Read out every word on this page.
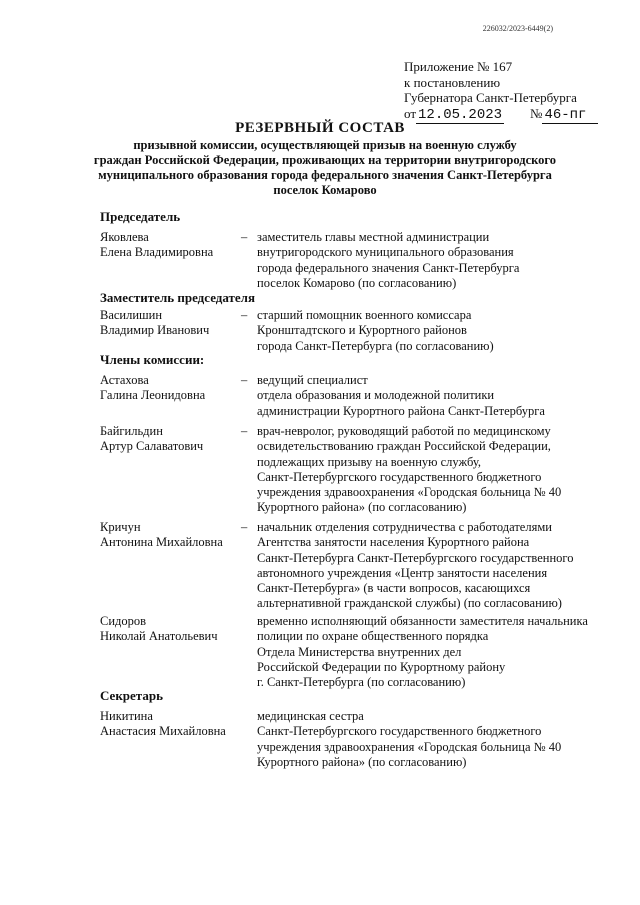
226032/2023-6449(2)
Приложение № 167
к постановлению
Губернатора Санкт-Петербурга
от 12.05.2023 № 46-пг
РЕЗЕРВНЫЙ СОСТАВ
призывной комиссии, осуществляющей призыв на военную службу
граждан Российской Федерации, проживающих на территории внутригородского
муниципального образования города федерального значения Санкт-Петербурга
поселок Комарово
Председатель
Яковлева
Елена Владимировна
– заместитель главы местной администрации
внутригородского муниципального образования
города федерального значения Санкт-Петербурга
поселок Комарово (по согласованию)
Заместитель председателя
Василишин
Владимир Иванович
– старший помощник военного комиссара
Кронштадтского и Курортного районов
города Санкт-Петербурга (по согласованию)
Члены комиссии:
Астахова
Галина Леонидовна
– ведущий специалист
отдела образования и молодежной политики
администрации Курортного района Санкт-Петербурга
Байгильдин
Артур Салаватович
– врач-невролог, руководящий работой по медицинскому
освидетельствованию граждан Российской Федерации,
подлежащих призыву на военную службу,
Санкт-Петербургского государственного бюджетного
учреждения здравоохранения «Городская больница № 40
Курортного района» (по согласованию)
Кричун
Антонина Михайловна
– начальник отделения сотрудничества с работодателями
Агентства занятости населения Курортного района
Санкт-Петербурга Санкт-Петербургского государственного
автономного учреждения «Центр занятости населения
Санкт-Петербурга» (в части вопросов, касающихся
альтернативной гражданской службы) (по согласованию)
Сидоров
Николай Анатольевич
временно исполняющий обязанности заместителя начальника
полиции по охране общественного порядка
Отдела Министерства внутренних дел
Российской Федерации по Курортному району
г. Санкт-Петербурга (по согласованию)
Секретарь
Никитина
Анастасия Михайловна
медицинская сестра
Санкт-Петербургского государственного бюджетного
учреждения здравоохранения «Городская больница № 40
Курортного района» (по согласованию)
